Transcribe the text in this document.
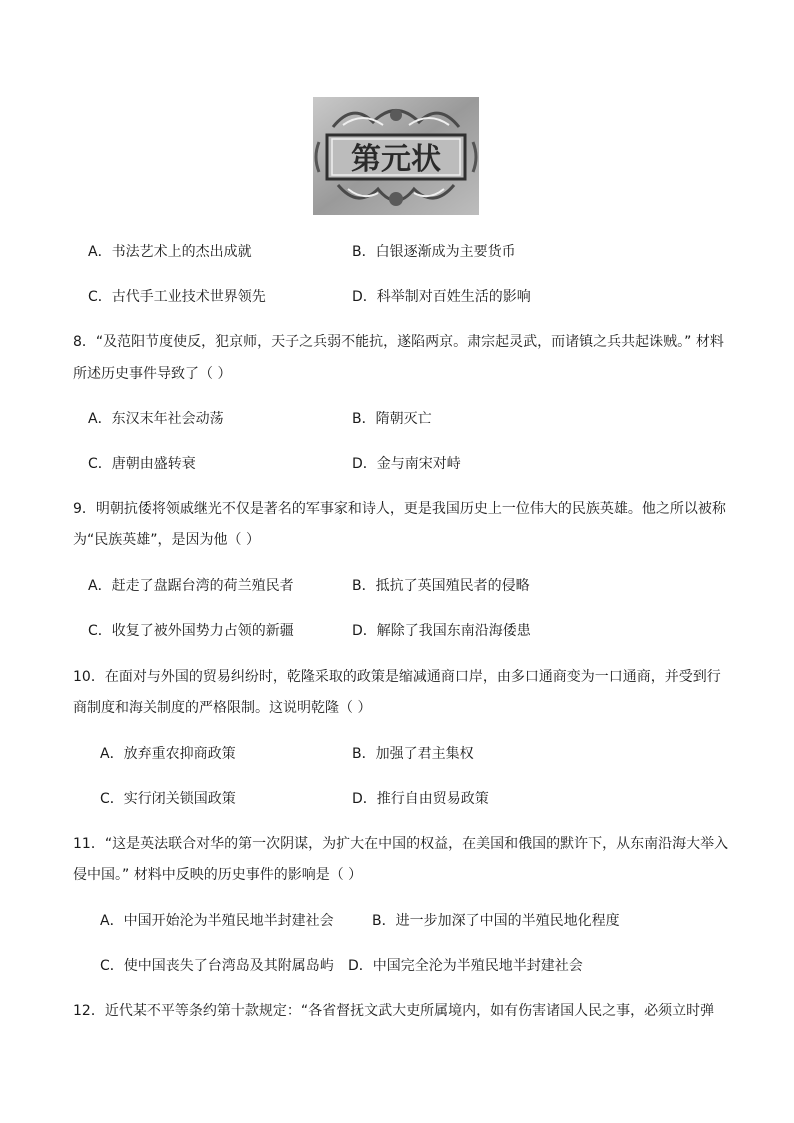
第元状
A．书法艺术上的杰出成就	B．白银逐渐成为主要货币
C．古代手工业技术世界领先	D．科举制对百姓生活的影响
8．“及范阳节度使反，犯京师，天子之兵弱不能抗，遂陷两京。肃宗起灵武，而诸镇之兵共起诛贼。” 材料
所述历史事件导致了（ ）
A．东汉末年社会动荡	B．隋朝灭亡
C．唐朝由盛转衰	D．金与南宋对峙
9．明朝抗倭将领戚继光不仅是著名的军事家和诗人，更是我国历史上一位伟大的民族英雄。他之所以被称
为“民族英雄”，是因为他（ ）
A．赶走了盘踞台湾的荷兰殖民者	B．抵抗了英国殖民者的侵略
C．收复了被外国势力占领的新疆	D．解除了我国东南沿海倭患
10．在面对与外国的贸易纠纷时，乾隆采取的政策是缩减通商口岸，由多口通商变为一口通商，并受到行
商制度和海关制度的严格限制。这说明乾隆（ ）
A．放弃重农抑商政策	B．加强了君主集权
C．实行闭关锁国政策	D．推行自由贸易政策
11．“这是英法联合对华的第一次阴谋，为扩大在中国的权益，在美国和俄国的默许下，从东南沿海大举入
侵中国。” 材料中反映的历史事件的影响是（ ）
A．中国开始沦为半殖民地半封建社会	B．进一步加深了中国的半殖民地化程度
C．使中国丧失了台湾岛及其附属岛屿 D．中国完全沦为半殖民地半封建社会
12．近代某不平等条约第十款规定：“各省督抚文武大吏所属境内，如有伤害诸国人民之事，必须立时弹
